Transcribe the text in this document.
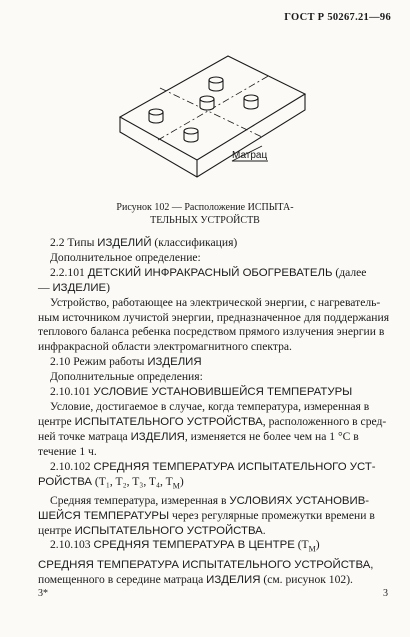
ГОСТ Р 50267.21—96
Матрац
Рисунок 102 — Расположение ИСПЫТА-
ТЕЛЬНЫХ УСТРОЙСТВ
2.2 Типы ИЗДЕЛИЙ (классификация)
Дополнительное определение:
2.2.101 ДЕТСКИЙ ИНФРАКРАСНЫЙ ОБОГРЕВАТЕЛЬ (далее
— ИЗДЕЛИЕ)
Устройство, работающее на электрической энергии, с нагреватель-
ным источником лучистой энергии, предназначенное для поддержания
теплового баланса ребенка посредством прямого излучения энергии в
инфракрасной области электромагнитного спектра.
2.10 Режим работы ИЗДЕЛИЯ
Дополнительные определения:
2.10.101 УСЛОВИЕ УСТАНОВИВШЕЙСЯ ТЕМПЕРАТУРЫ
Условие, достигаемое в случае, когда температура, измеренная в
центре ИСПЫТАТЕЛЬНОГО УСТРОЙСТВА, расположенного в сред-
ней точке матраца ИЗДЕЛИЯ, изменяется не более чем на 1 °С в
течение 1 ч.
2.10.102 СРЕДНЯЯ ТЕМПЕРАТУРА ИСПЫТАТЕЛЬНОГО УСТ-
РОЙСТВА (T₁, T₂, T₃, T₄, $T_M$)
Средняя температура, измеренная в УСЛОВИЯХ УСТАНОВИВ-
ШЕЙСЯ ТЕМПЕРАТУРЫ через регулярные промежутки времени в
центре ИСПЫТАТЕЛЬНОГО УСТРОЙСТВА.
2.10.103 СРЕДНЯЯ ТЕМПЕРАТУРА В ЦЕНТРЕ $(T_M)$
СРЕДНЯЯ ТЕМПЕРАТУРА ИСПЫТАТЕЛЬНОГО УСТРОЙСТВА,
помещенного в середине матраца ИЗДЕЛИЯ (см. рисунок 102).
3*	3
